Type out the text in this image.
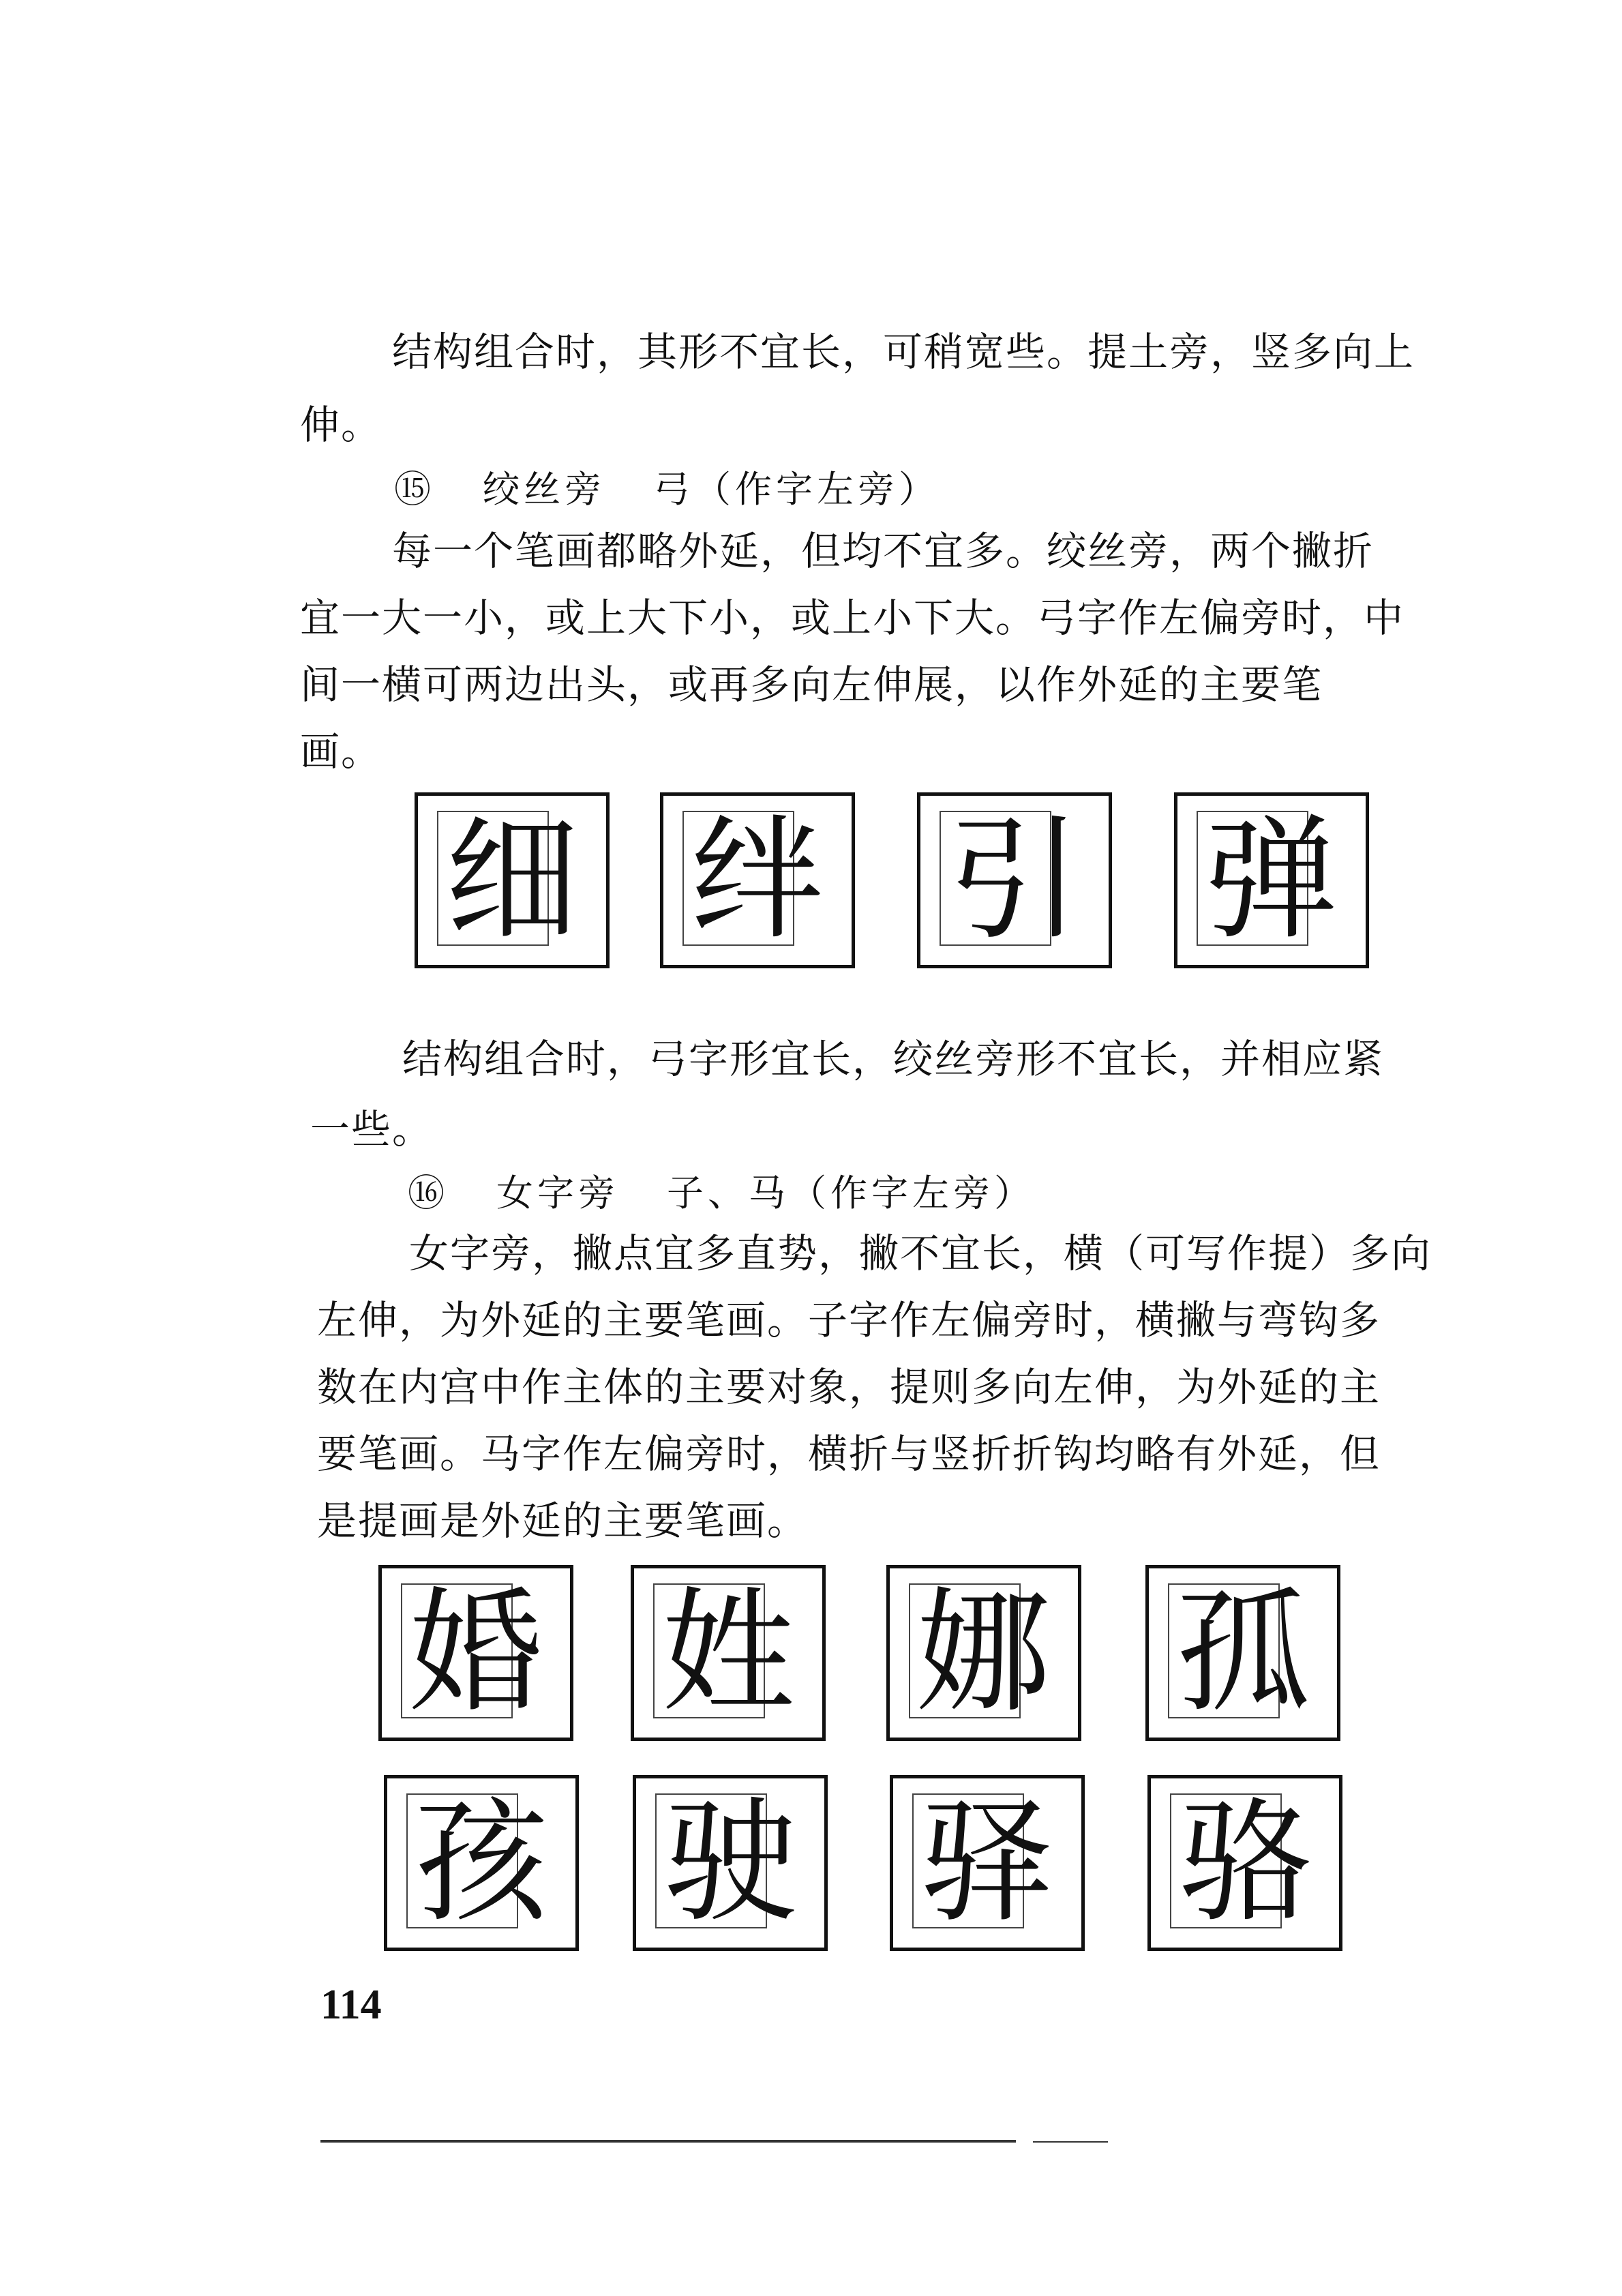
结构组合时，其形不宜长，可稍宽些。提土旁，竖多向上
伸。
⑮ 绞丝旁 弓（作字左旁）
每一个笔画都略外延，但均不宜多。绞丝旁，两个撇折
宜一大一小，或上大下小，或上小下大。弓字作左偏旁时，中
间一横可两边出头，或再多向左伸展，以作外延的主要笔
画。
细 绊 引 弹
结构组合时，弓字形宜长，绞丝旁形不宜长，并相应紧
一些。
⑯ 女字旁 子、马（作字左旁）
女字旁，撇点宜多直势，撇不宜长，横（可写作提）多向
左伸，为外延的主要笔画。子字作左偏旁时，横撇与弯钩多
数在内宫中作主体的主要对象，提则多向左伸，为外延的主
要笔画。马字作左偏旁时，横折与竖折折钩均略有外延，但
是提画是外延的主要笔画。
婚 姓 娜 孤
孩 驶 驿 骆
114
